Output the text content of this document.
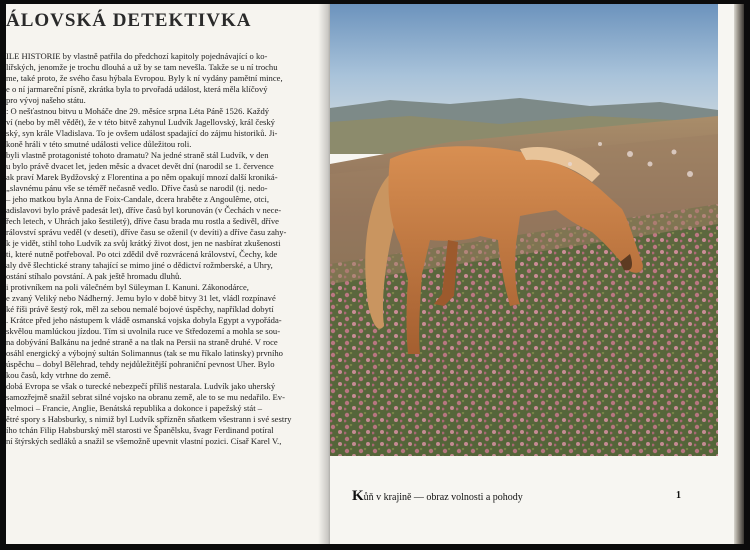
ÁLOVSKÁ DETEKTIVKA
ILE HISTORIE by vlastně patřila do předchozí kapitoly pojednávající o ko-
lířských, jenomže je trochu dlouhá a už by se tam nevešla. Takže se u ní trochu
me, také proto, že svého času hýbala Evropou. Byly k ní vydány pamětní mince,
e o ní jarmareční písně, zkrátka byla to prvořadá událost, která měla klíčový
pro vývoj našeho státu.
: O nešťastnou bitvu u Moháče dne 29. měsíce srpna Léta Páně 1526. Každý
ví (nebo by měl vědět), že v této bitvě zahynul Ludvík Jagellovský, král český
ský, syn krále Vladislava. To je ovšem událost spadající do zájmu historiků. Ji-
koně hráli v této smutné události velice důležitou roli.
byli vlastně protagonisté tohoto dramatu? Na jedné straně stál Ludvík, v den
u bylo právě dvacet let, jeden měsíc a dvacet devět dní (narodil se 1. července
ak praví Marek Bydžovský z Florentina a po něm opakují mnozí další kroniká-
„slavnému pánu vše se téměř nečasně vedlo. Dříve časů se narodil (tj. nedo-
– jeho matkou byla Anna de Foix-Candale, dcera hraběte z Angoulême, otci,
adislavovi bylo právě padesát let), dříve časů byl korunován (v Čechách v nece-
řech letech, v Uhrách jako šestiletý), dříve času brada mu rostla a šedivěl, dříve
rálovství správu veděl (v deseti), dříve času se oženil (v devíti) a dříve času zahy-
k je vidět, stihl toho Ludvík za svůj krátký život dost, jen ne nasbírat zkušenosti
ti, které nutně potřeboval. Po otci zdědil dvě rozvrácená království, Čechy, kde
aly dvě šlechtické strany tahající se mimo jiné o dědictví rožmberské, a Uhry,
ostání stíhalo povstání. A pak ještě hromadu dluhů.
i protivníkem na poli válečném byl Süleyman I. Kanuni. Zákonodárce,
e zvaný Veliký nebo Nádherný. Jemu bylo v době bitvy 31 let, vládl rozpínavé
ké říši právě šestý rok, měl za sebou nemalé bojové úspěchy, například dobytí
. Krátce před jeho nástupem k vládě osmanská vojska dobyla Egypt a vypořáda-
skvělou mamlúckou jízdou. Tím si uvolnila ruce ve Středozemí a mohla se sou-
na dobývání Balkánu na jedné straně a na tlak na Persii na straně druhé. V roce
osáhl energický a výbojný sultán Solimannus (tak se mu říkalo latinsky) prvního
úspěchu – dobyl Bělehrad, tehdy nejdůležitější pohraniční pevnost Uher. Bylo
kou časů, kdy vtrhne do země.
dobá Evropa se však o turecké nebezpečí příliš nestarala. Ludvík jako uherský
samozřejmě snažil sebrat silné vojsko na obranu země, ale to se mu nedařilo. Ev-
velmoci – Francie, Anglie, Benátská republika a dokonce i papežský stát –
ětré spory s Habsburky, s nimiž byl Ludvík spřízněn sňatkem všestrann i své sestry
ího tchán Filip Habsburský měl starosti ve Španělsku, švagr Ferdinand potíral
ní štýrských sedláků a snažil se všemožně upevnit vlastní pozici. Císař Karel V.,
Kůň v krajině — obraz volnosti a pohody	1
